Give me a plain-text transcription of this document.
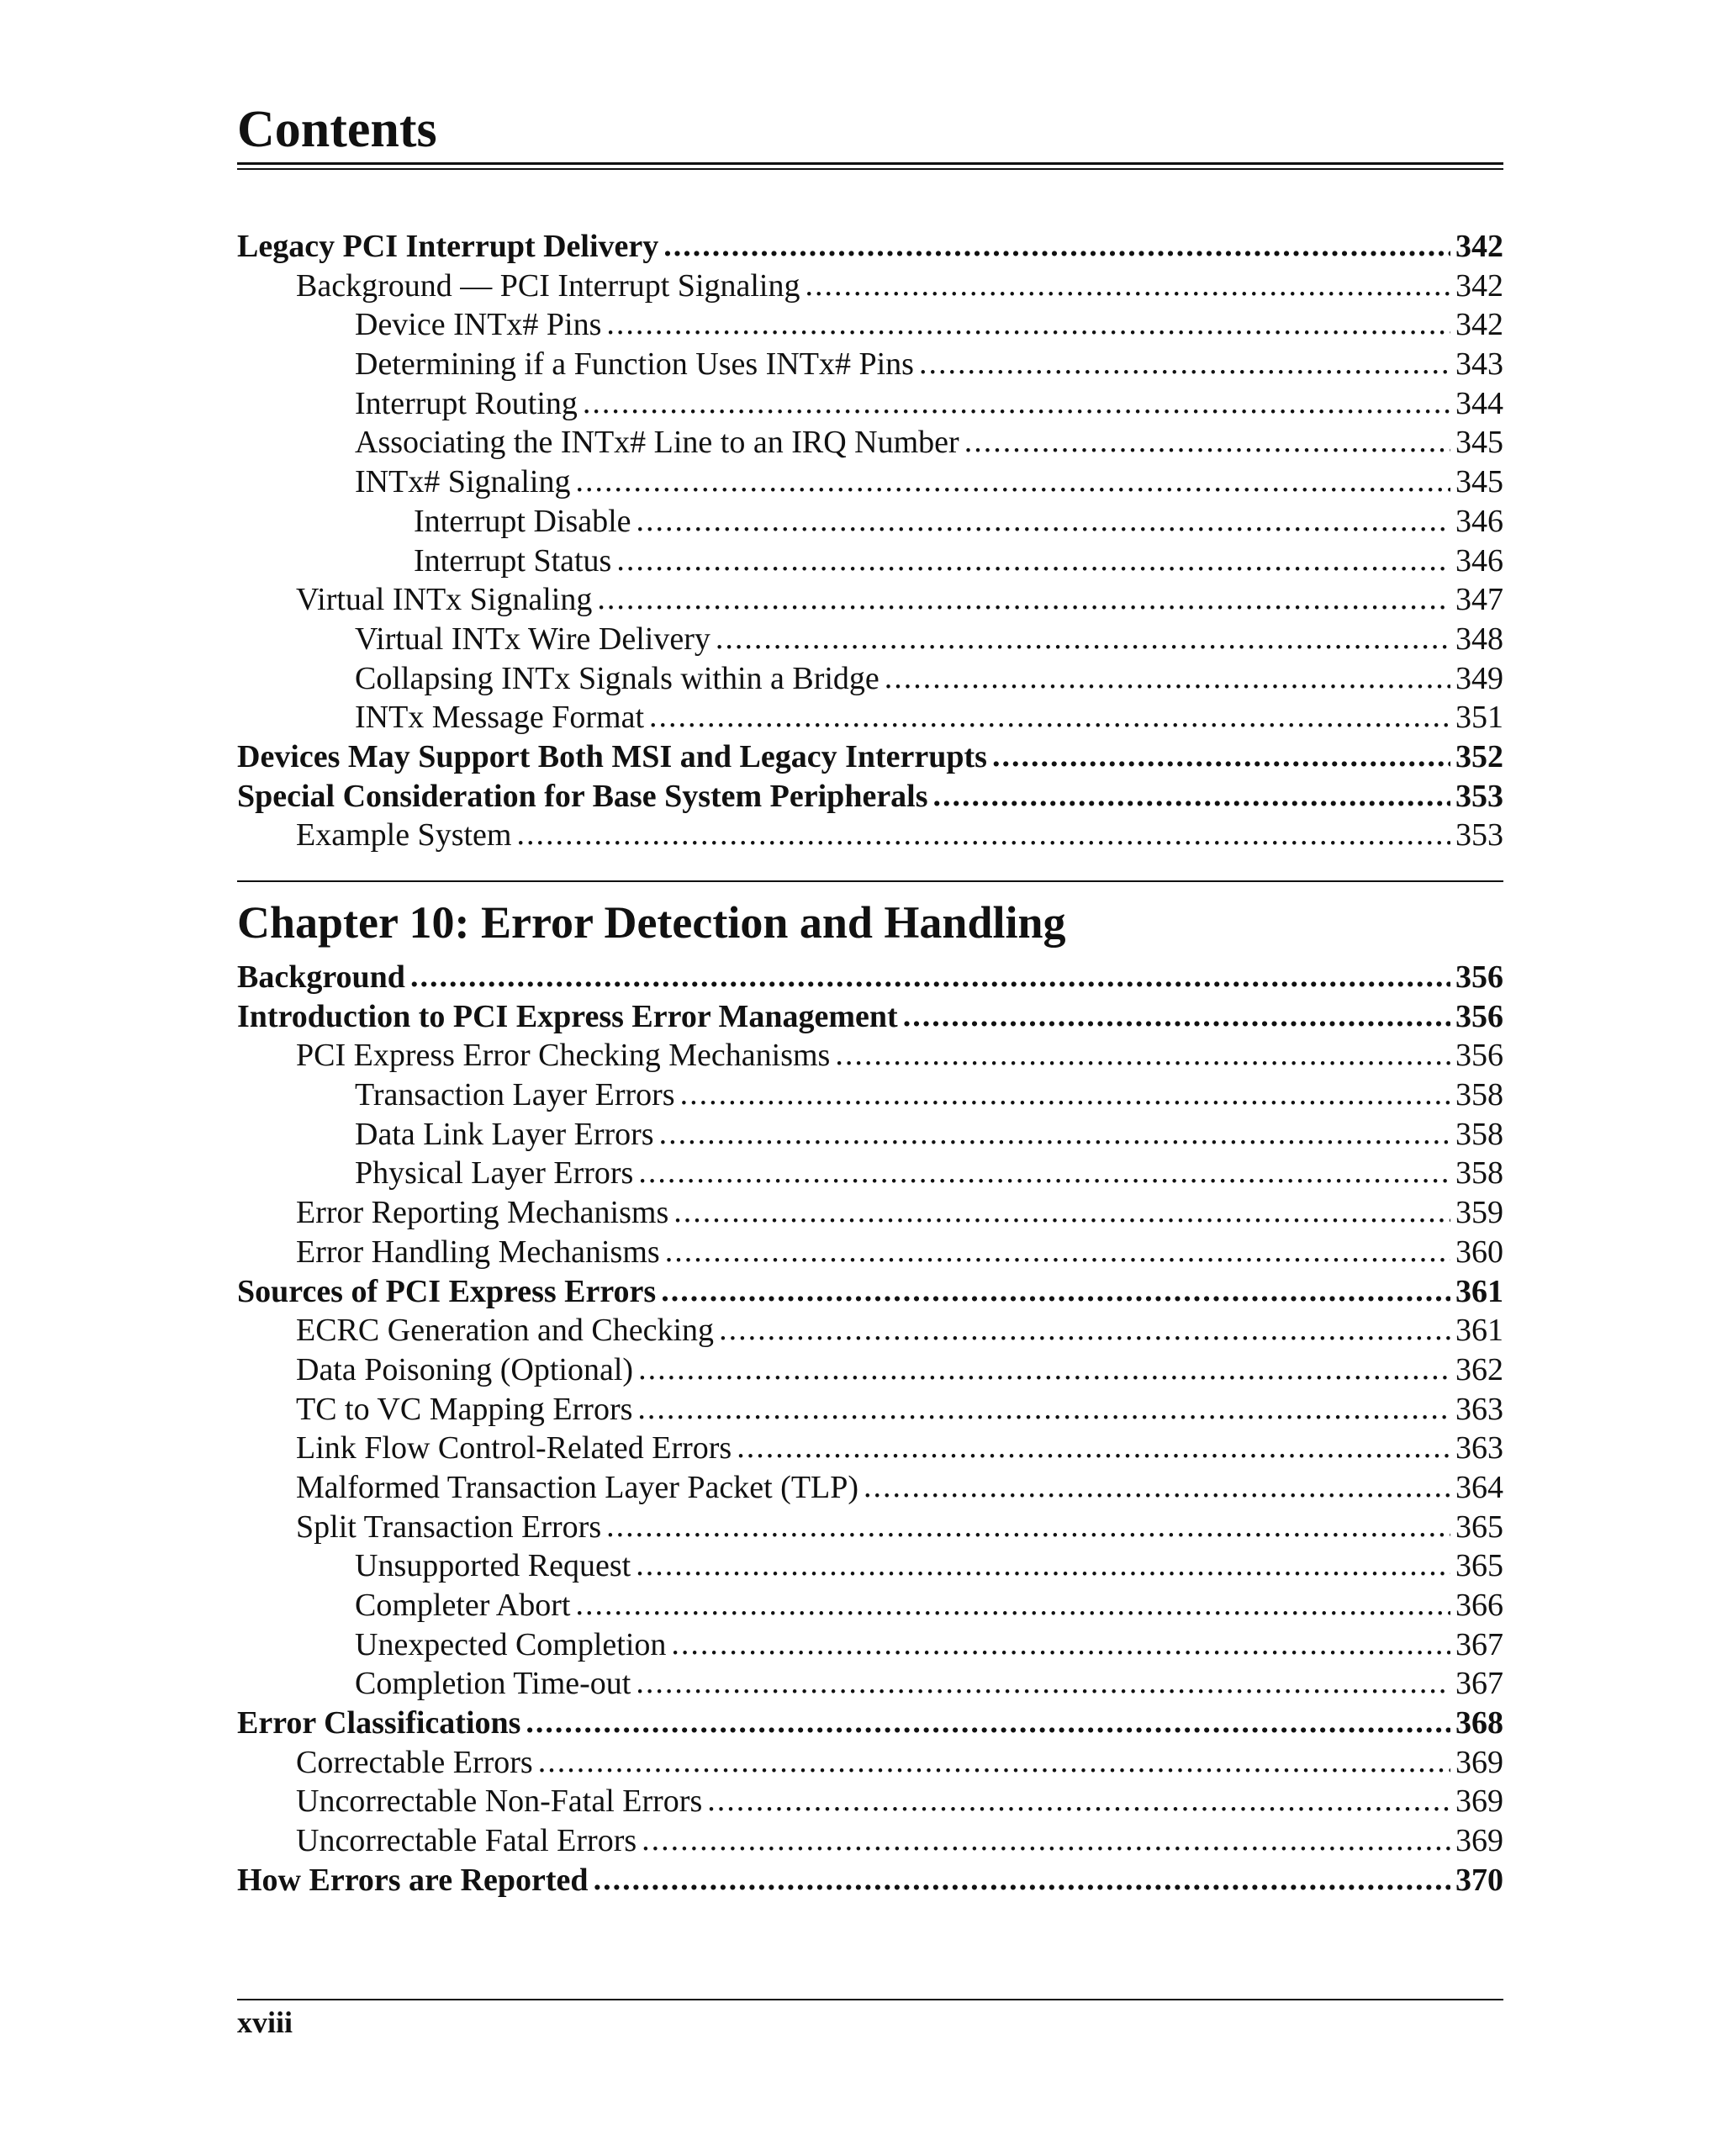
Contents
Legacy PCI Interrupt Delivery .....	342
Background — PCI Interrupt Signaling .....	342
Device INTx# Pins .....	342
Determining if a Function Uses INTx# Pins .....	343
Interrupt Routing .....	344
Associating the INTx# Line to an IRQ Number .....	345
INTx# Signaling .....	345
Interrupt Disable .....	346
Interrupt Status .....	346
Virtual INTx Signaling .....	347
Virtual INTx Wire Delivery .....	348
Collapsing INTx Signals within a Bridge .....	349
INTx Message Format .....	351
Devices May Support Both MSI and Legacy Interrupts .....	352
Special Consideration for Base System Peripherals .....	353
Example System .....	353
Chapter 10: Error Detection and Handling
Background .....	356
Introduction to PCI Express Error Management .....	356
PCI Express Error Checking Mechanisms .....	356
Transaction Layer Errors .....	358
Data Link Layer Errors .....	358
Physical Layer Errors .....	358
Error Reporting Mechanisms .....	359
Error Handling Mechanisms .....	360
Sources of PCI Express Errors .....	361
ECRC Generation and Checking .....	361
Data Poisoning (Optional) .....	362
TC to VC Mapping Errors .....	363
Link Flow Control-Related Errors .....	363
Malformed Transaction Layer Packet (TLP) .....	364
Split Transaction Errors .....	365
Unsupported Request .....	365
Completer Abort .....	366
Unexpected Completion .....	367
Completion Time-out .....	367
Error Classifications .....	368
Correctable Errors .....	369
Uncorrectable Non-Fatal Errors .....	369
Uncorrectable Fatal Errors .....	369
How Errors are Reported .....	370
xviii
